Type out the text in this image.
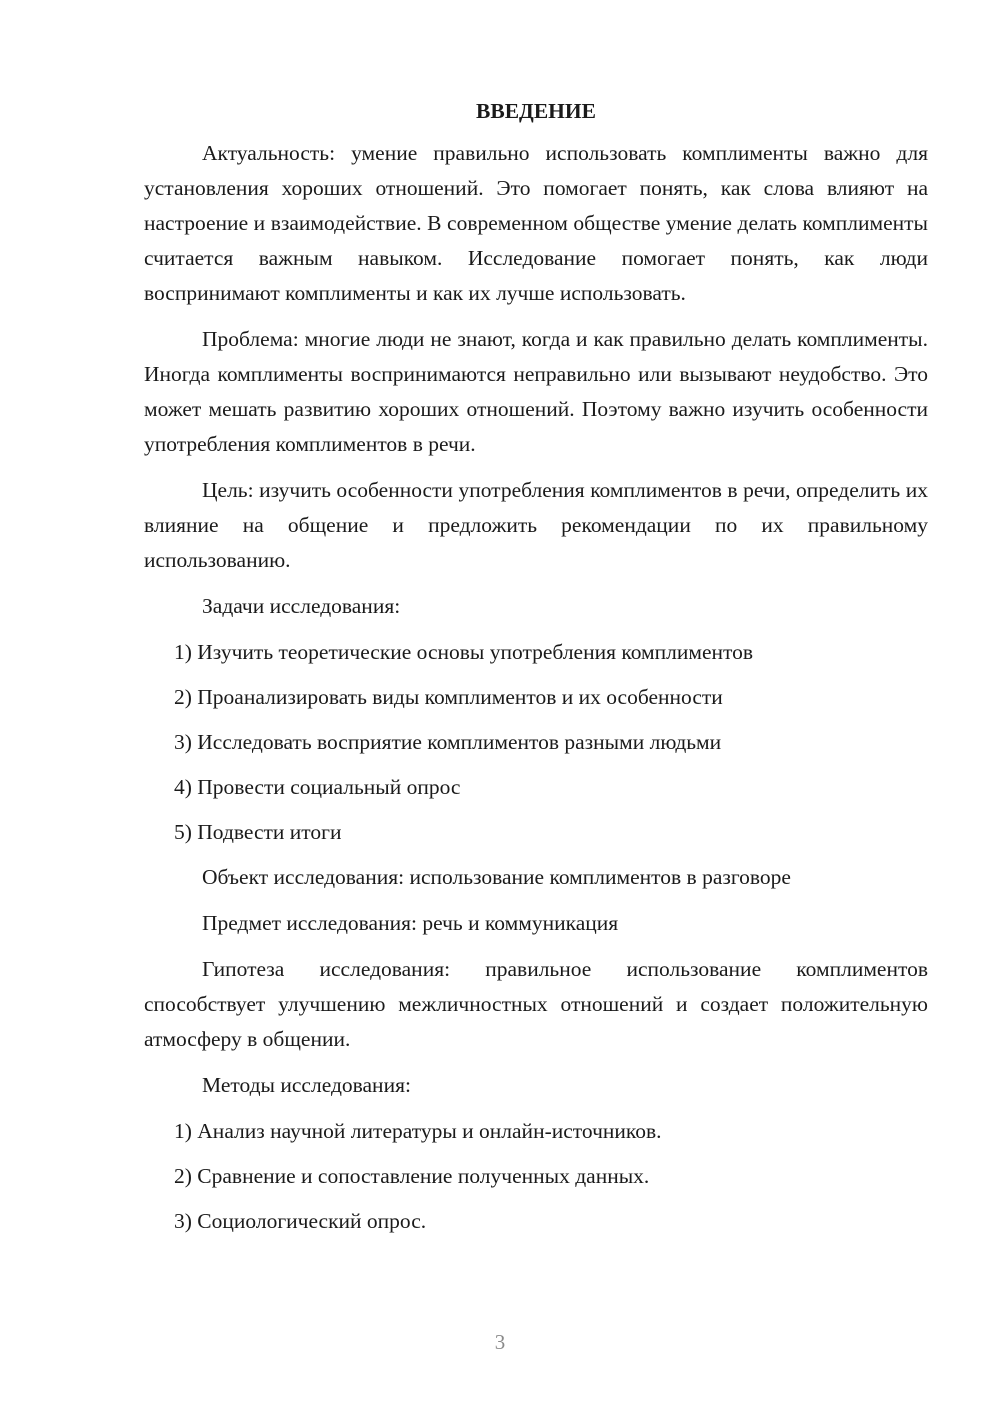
ВВЕДЕНИЕ

Актуальность: умение правильно использовать комплименты важно для установления хороших отношений. Это помогает понять, как слова влияют на настроение и взаимодействие. В современном обществе умение делать комплименты считается важным навыком. Исследование помогает понять, как люди воспринимают комплименты и как их лучше использовать.

Проблема: многие люди не знают, когда и как правильно делать комплименты. Иногда комплименты воспринимаются неправильно или вызывают неудобство. Это может мешать развитию хороших отношений. Поэтому важно изучить особенности употребления комплиментов в речи.

Цель: изучить особенности употребления комплиментов в речи, определить их влияние на общение и предложить рекомендации по их правильному использованию.

Задачи исследования:

1) Изучить теоретические основы употребления комплиментов
2) Проанализировать виды комплиментов и их особенности
3) Исследовать восприятие комплиментов разными людьми
4) Провести социальный опрос
5) Подвести итоги

Объект исследования: использование комплиментов в разговоре

Предмет исследования: речь и коммуникация

Гипотеза исследования: правильное использование комплиментов способствует улучшению межличностных отношений и создает положительную атмосферу в общении.

Методы исследования:

1) Анализ научной литературы и онлайн-источников.
2) Сравнение и сопоставление полученных данных.
3) Социологический опрос.
3
